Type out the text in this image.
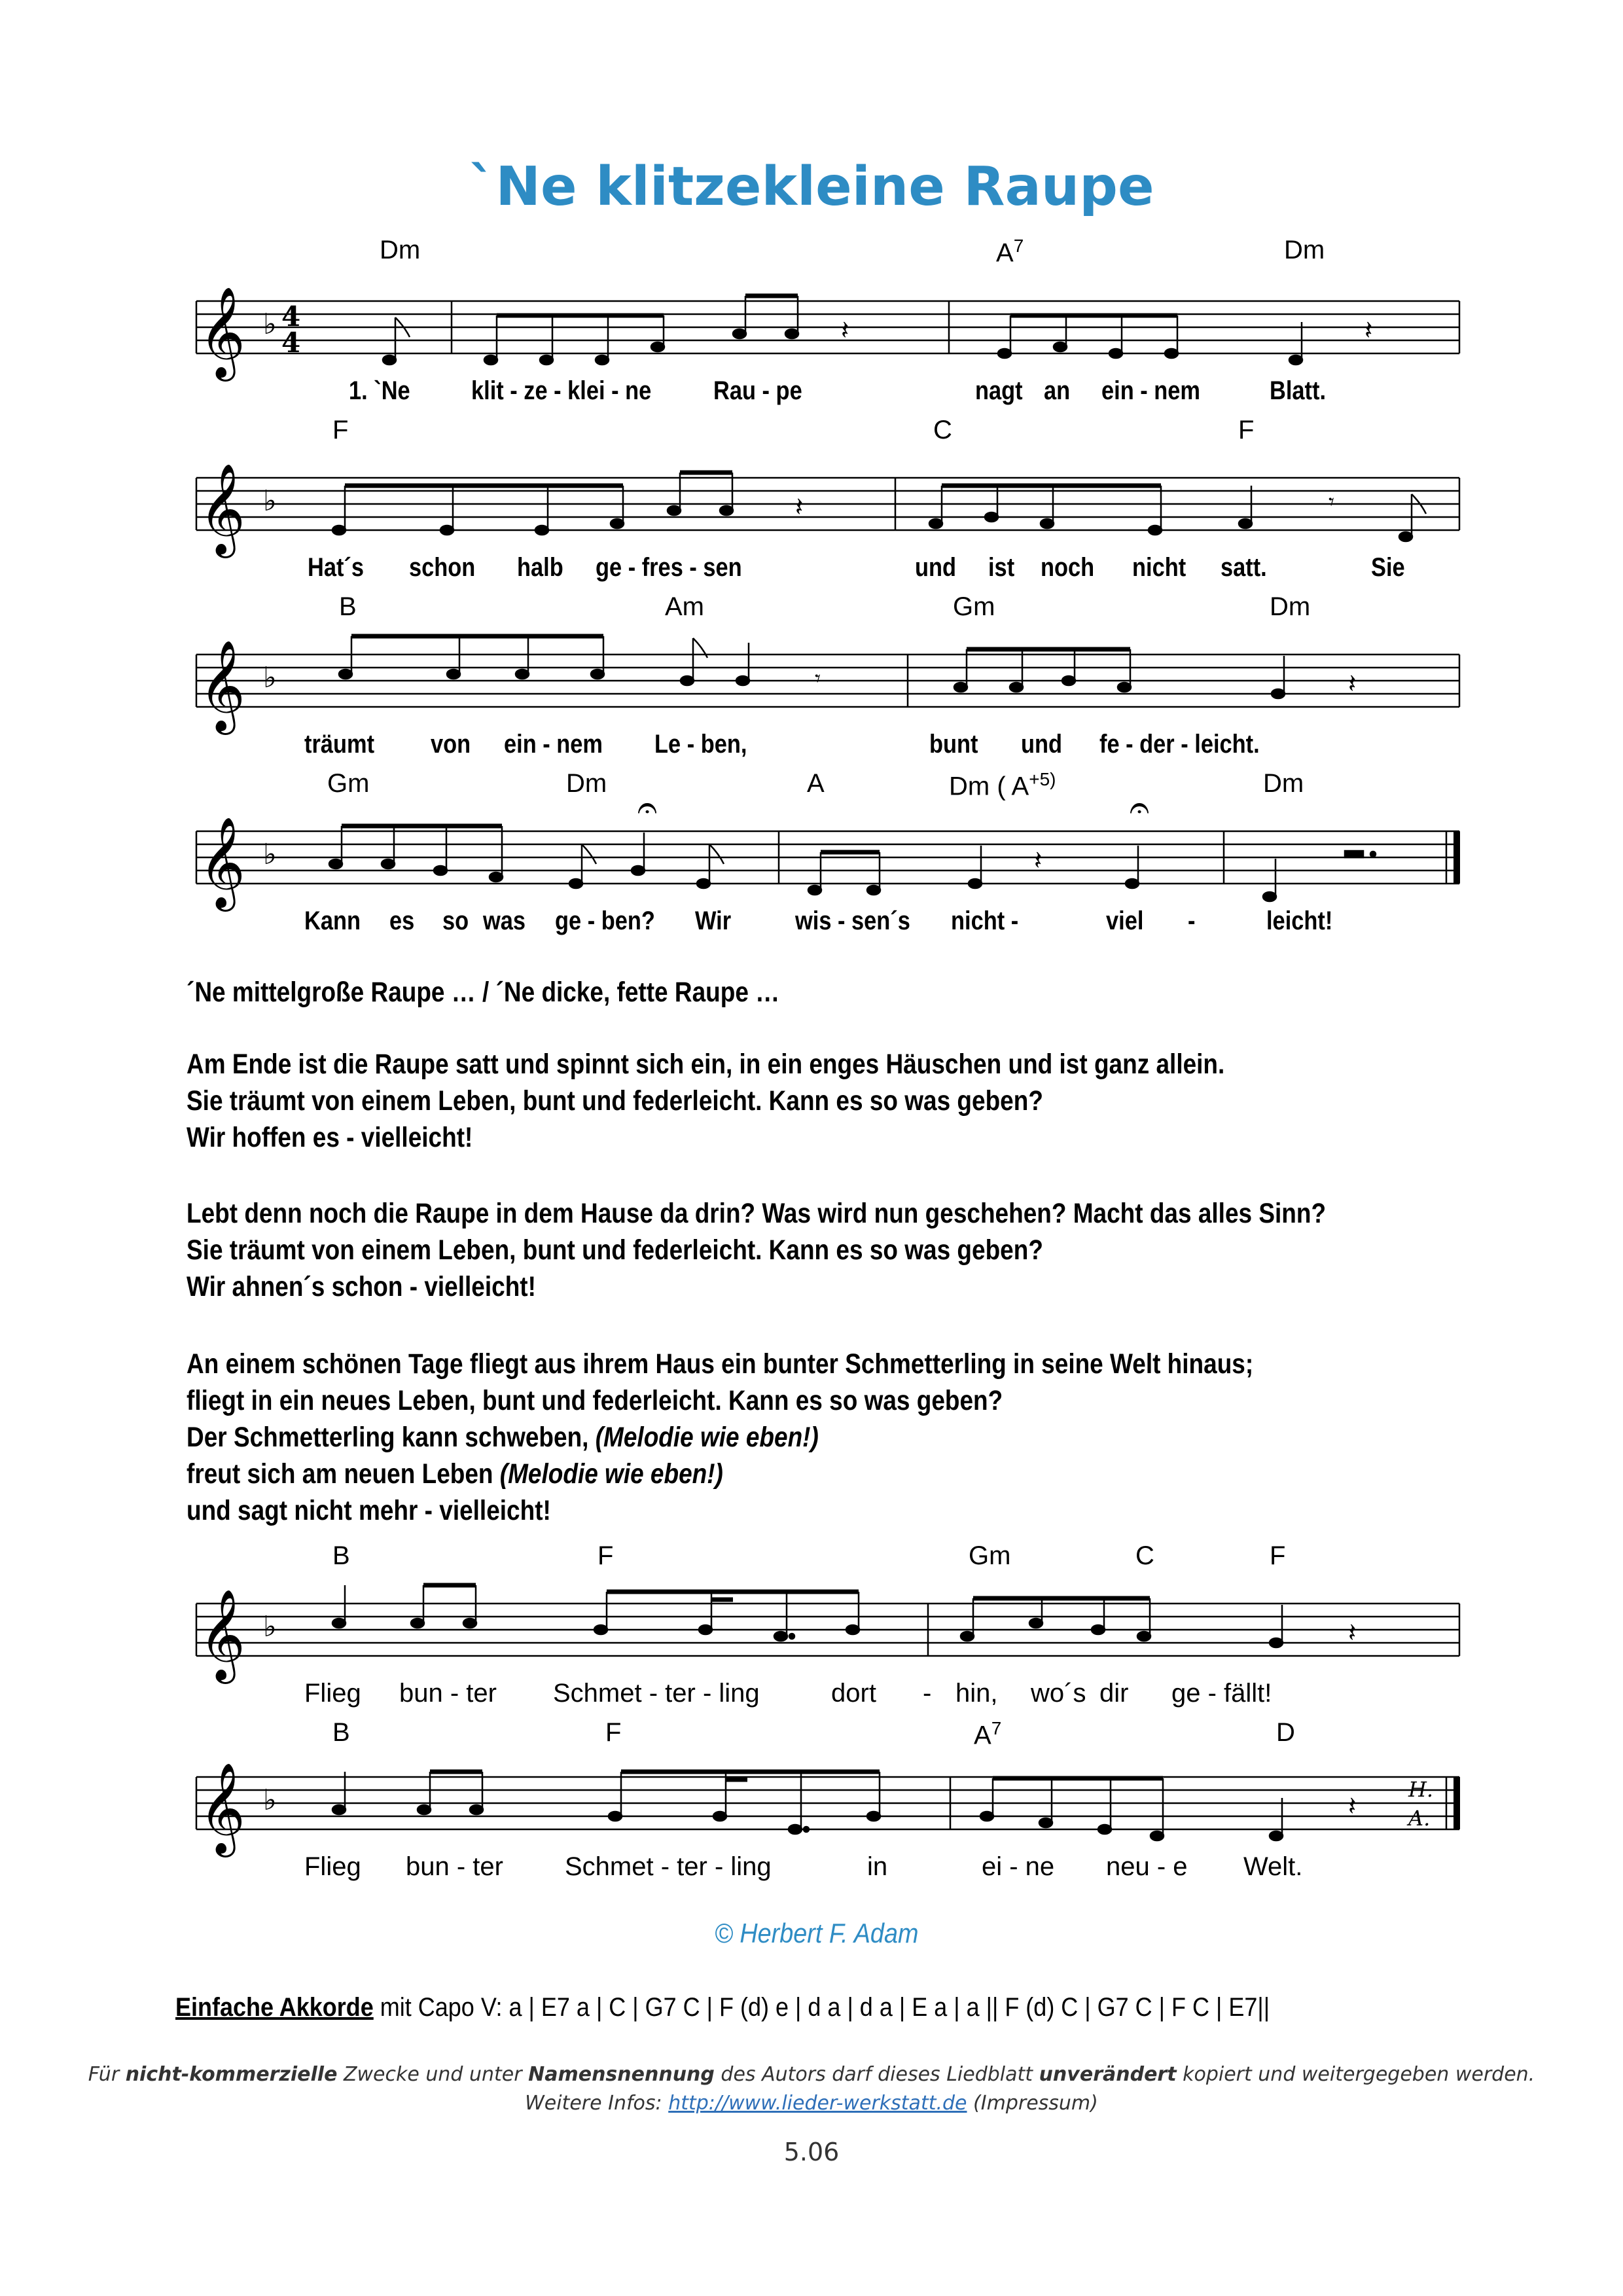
`Ne klitzekleine Raupe
Dm	$A^7$	Dm
𝄞 ♭ 4
4	𝄽	𝄽
1. `Ne klit - ze - klei - ne Rau - pe	nagt an ein - nem	Blatt.
F	C	F
𝄞 ♭	𝄽	𝄾
Hat´s schon halb ge - fres - sen	und ist noch nicht satt.	Sie
B	Am	Gm	Dm
𝄞 ♭	𝄾	𝄽
träumt von ein - nem Le - ben,	bunt und fe - der - leicht.
Gm	Dm	A	Dm ( $A^{+5)}$	Dm
𝄞 ♭	𝄽
𝄐	𝄐
Kann es so was ge - ben? Wir wis - sen´s nicht -	viel -	leicht!

´Ne mittelgroße Raupe … / ´Ne dicke, fette Raupe …

Am Ende ist die Raupe satt und spinnt sich ein, in ein enges Häuschen und ist ganz allein.

Sie träumt von einem Leben, bunt und federleicht. Kann es so was geben?

Wir hoffen es - vielleicht!

Lebt denn noch die Raupe in dem Hause da drin? Was wird nun geschehen? Macht das alles Sinn?

Sie träumt von einem Leben, bunt und federleicht. Kann es so was geben?

Wir ahnen´s schon - vielleicht!

An einem schönen Tage fliegt aus ihrem Haus ein bunter Schmetterling in seine Welt hinaus;

fliegt in ein neues Leben, bunt und federleicht. Kann es so was geben?

Der Schmetterling kann schweben, (Melodie wie eben!)

freut sich am neuen Leben (Melodie wie eben!)

und sagt nicht mehr - vielleicht!

B	F	Gm	C	F
𝄞 ♭	𝄽
Flieg bun - ter Schmet - ter - ling	dort - hin, wo´s dir ge - fällt!
B	F	$A^7$	D
𝄞 ♭	𝄽
H.
A.
Flieg bun - ter Schmet - ter - ling	in	ei - ne neu - e Welt.
© Herbert F. Adam
Einfache Akkorde mit Capo V: a | E7 a | C | G7 C | F (d) e | d a | d a | E a | a || F (d) C | G7 C | F C | E7||
Für nicht-kommerzielle Zwecke und unter Namensnennung des Autors darf dieses Liedblatt unverändert kopiert und weitergegeben werden.
Weitere Infos: http://www.lieder-werkstatt.de (Impressum)
5.06
